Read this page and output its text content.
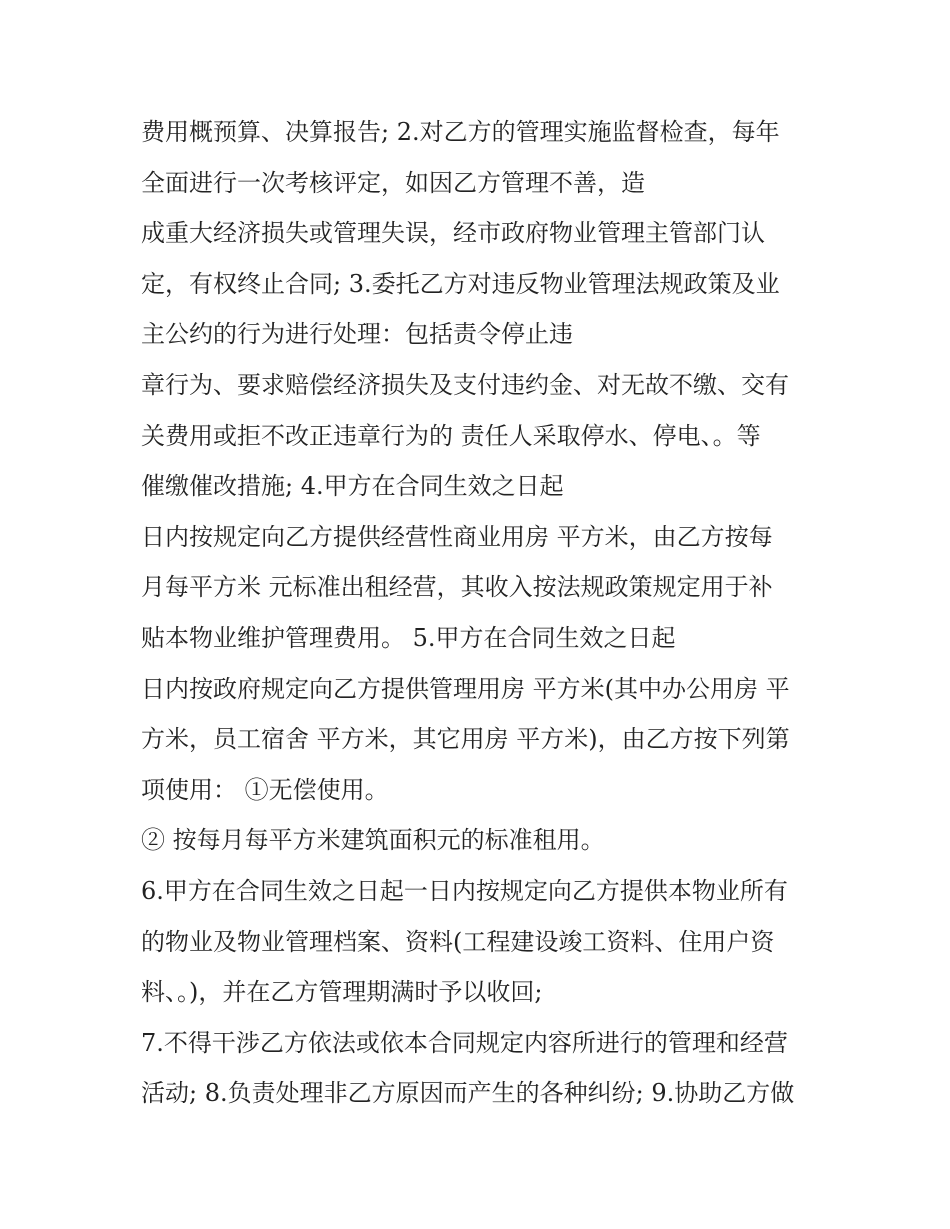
费用概预算、决算报告; 2.对乙方的管理实施监督检查，每年

全面进行一次考核评定，如因乙方管理不善，造

成重大经济损失或管理失误，经市政府物业管理主管部门认

定，有权终止合同; 3.委托乙方对违反物业管理法规政策及业

主公约的行为进行处理：包括责令停止违

章行为、要求赔偿经济损失及支付违约金、对无故不缴、交有

关费用或拒不改正违章行为的 责任人采取停水、停电、。等

催缴催改措施; 4.甲方在合同生效之日起

日内按规定向乙方提供经营性商业用房 平方米，由乙方按每

月每平方米 元标准出租经营，其收入按法规政策规定用于补

贴本物业维护管理费用。 5.甲方在合同生效之日起

日内按政府规定向乙方提供管理用房 平方米(其中办公用房 平

方米，员工宿舍 平方米，其它用房 平方米)，由乙方按下列第

项使用： ①无偿使用。

② 按每月每平方米建筑面积元的标准租用。

6.甲方在合同生效之日起一日内按规定向乙方提供本物业所有

的物业及物业管理档案、资料(工程建设竣工资料、住用户资

料、。)，并在乙方管理期满时予以收回;

7.不得干涉乙方依法或依本合同规定内容所进行的管理和经营

活动; 8.负责处理非乙方原因而产生的各种纠纷; 9.协助乙方做
